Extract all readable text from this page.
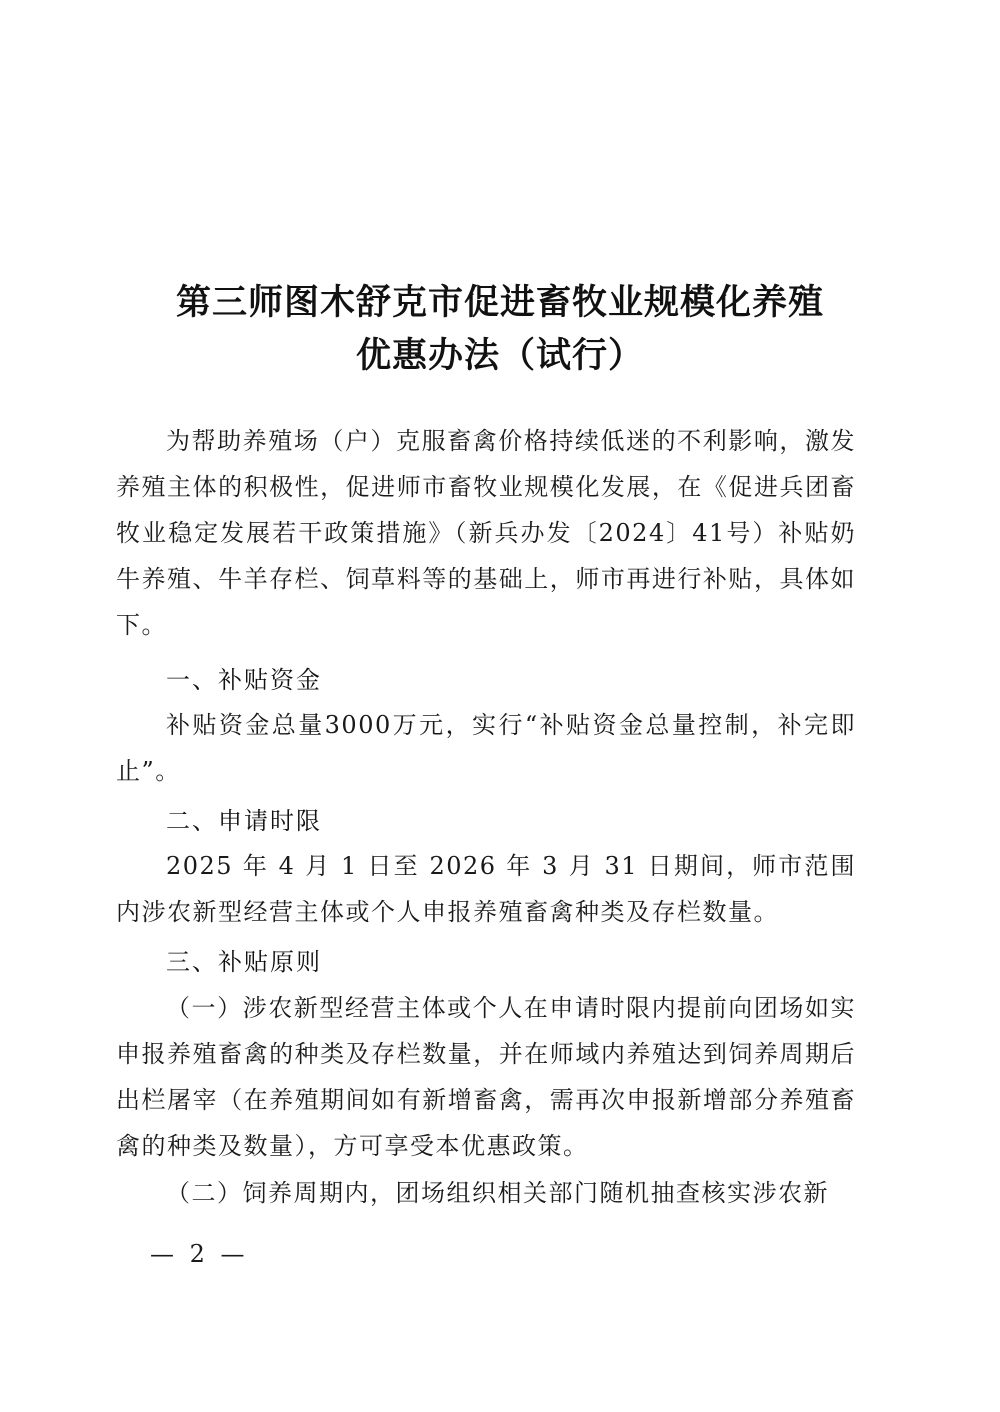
第三师图木舒克市促进畜牧业规模化养殖
优惠办法（试行）

为帮助养殖场（户）克服畜禽价格持续低迷的不利影响，激发养殖主体的积极性，促进师市畜牧业规模化发展，在《促进兵团畜牧业稳定发展若干政策措施》（新兵办发〔2024〕41号）补贴奶牛养殖、牛羊存栏、饲草料等的基础上，师市再进行补贴，具体如下。

一、补贴资金

补贴资金总量3000万元，实行“补贴资金总量控制，补完即止”。

二、申请时限

2025 年 4 月 1 日至 2026 年 3 月 31 日期间，师市范围内涉农新型经营主体或个人申报养殖畜禽种类及存栏数量。

三、补贴原则

（一）涉农新型经营主体或个人在申请时限内提前向团场如实申报养殖畜禽的种类及存栏数量，并在师域内养殖达到饲养周期后出栏屠宰（在养殖期间如有新增畜禽，需再次申报新增部分养殖畜禽的种类及数量），方可享受本优惠政策。

（二）饲养周期内，团场组织相关部门随机抽查核实涉农新

— 2 —
